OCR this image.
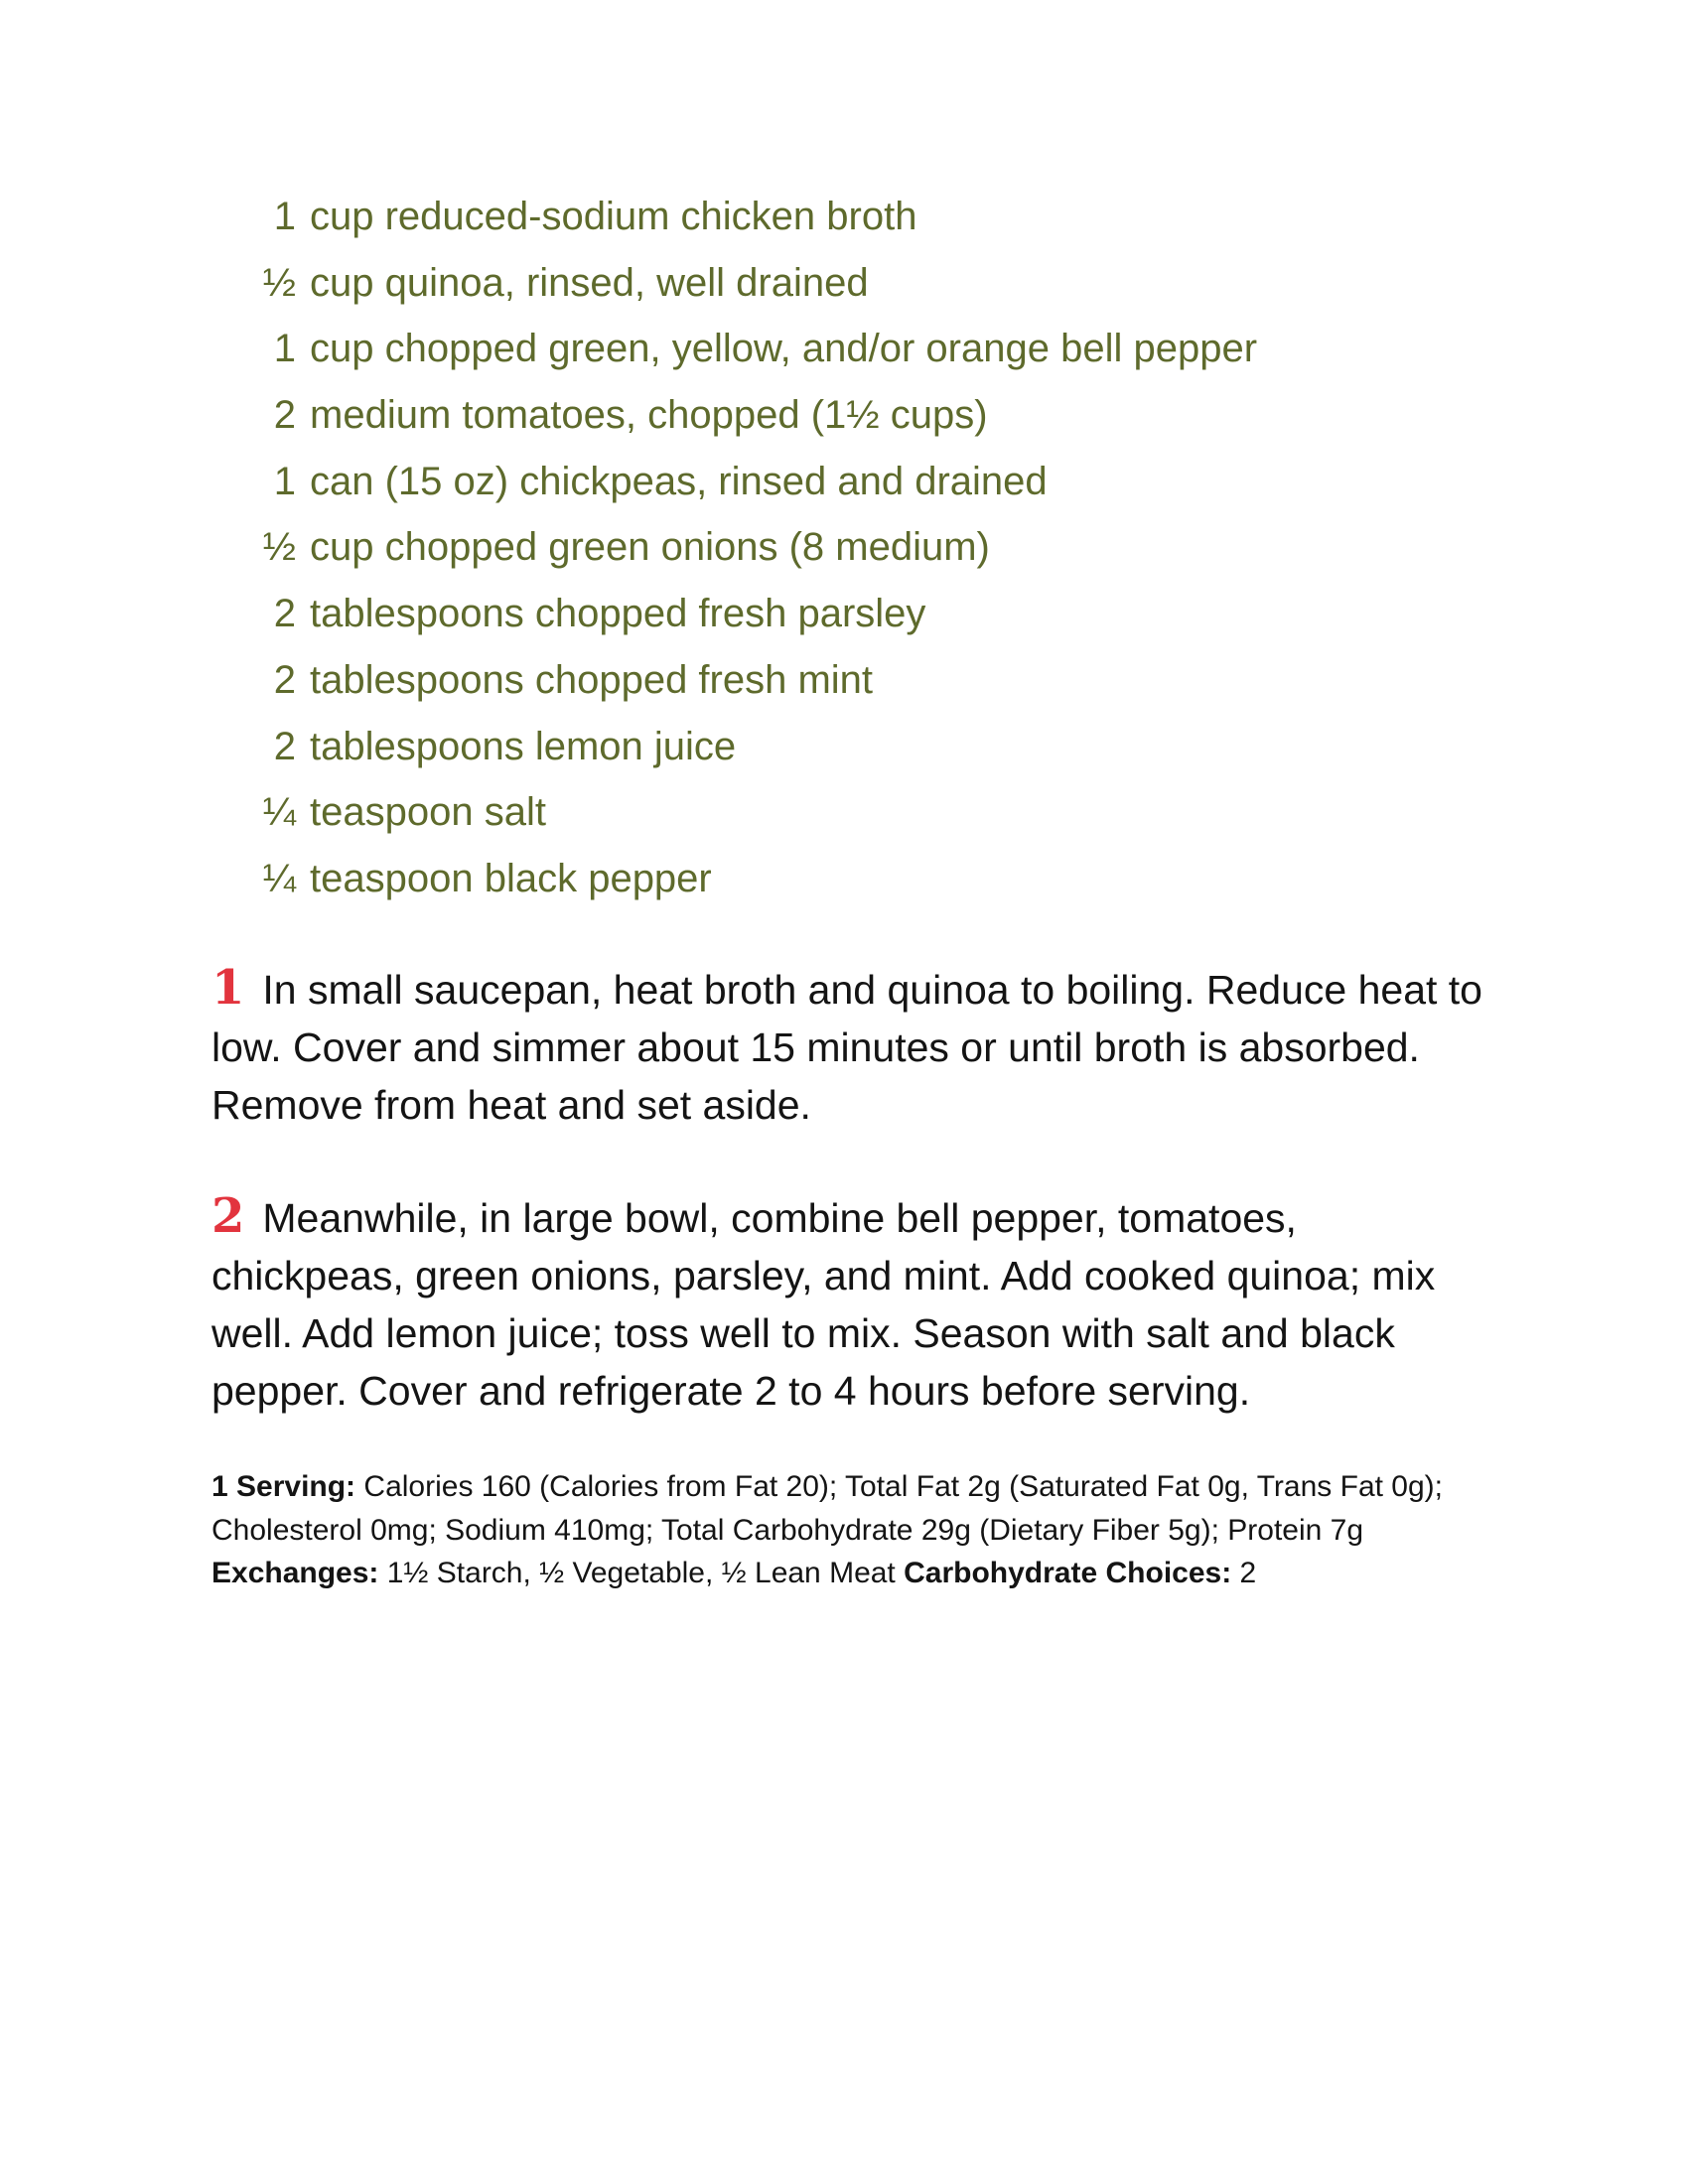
1 cup reduced-sodium chicken broth
½ cup quinoa, rinsed, well drained
1 cup chopped green, yellow, and/or orange bell pepper
2 medium tomatoes, chopped (1½ cups)
1 can (15 oz) chickpeas, rinsed and drained
½ cup chopped green onions (8 medium)
2 tablespoons chopped fresh parsley
2 tablespoons chopped fresh mint
2 tablespoons lemon juice
¼ teaspoon salt
¼ teaspoon black pepper

1 In small saucepan, heat broth and quinoa to boiling. Reduce heat to low. Cover and simmer about 15 minutes or until broth is absorbed. Remove from heat and set aside.

2 Meanwhile, in large bowl, combine bell pepper, tomatoes, chickpeas, green onions, parsley, and mint. Add cooked quinoa; mix well. Add lemon juice; toss well to mix. Season with salt and black pepper. Cover and refrigerate 2 to 4 hours before serving.

1 Serving: Calories 160 (Calories from Fat 20); Total Fat 2g (Saturated Fat 0g, Trans Fat 0g); Cholesterol 0mg; Sodium 410mg; Total Carbohydrate 29g (Dietary Fiber 5g); Protein 7g
Exchanges: 1½ Starch, ½ Vegetable, ½ Lean Meat Carbohydrate Choices: 2
